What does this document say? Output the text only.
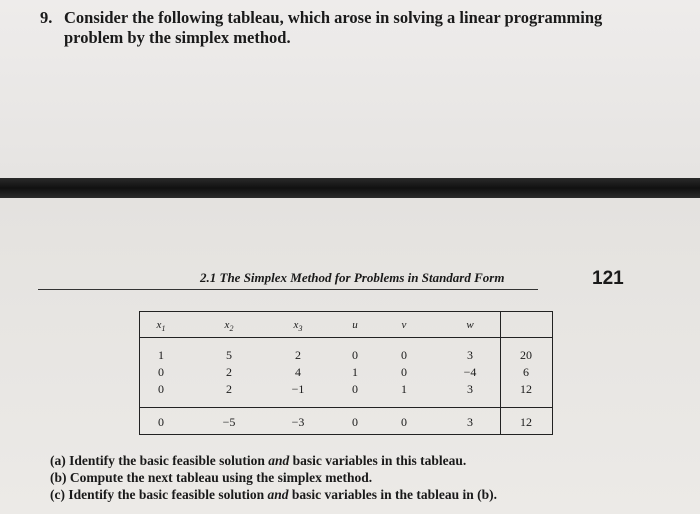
9. Consider the following tableau, which arose in solving a linear programming
problem by the simplex method.
2.1 The Simplex Method for Problems in Standard Form	121
$x_1$	$x_2$	$x_3$	u	v	w
1	5	2	0	0	3	20
0	2	4	1	0	−4	6
0	2	−1	0	1	3	12
0	−5	−3	0	0	3	12
(a) Identify the basic feasible solution and basic variables in this tableau.
(b) Compute the next tableau using the simplex method.
(c) Identify the basic feasible solution and basic variables in the tableau in (b).
